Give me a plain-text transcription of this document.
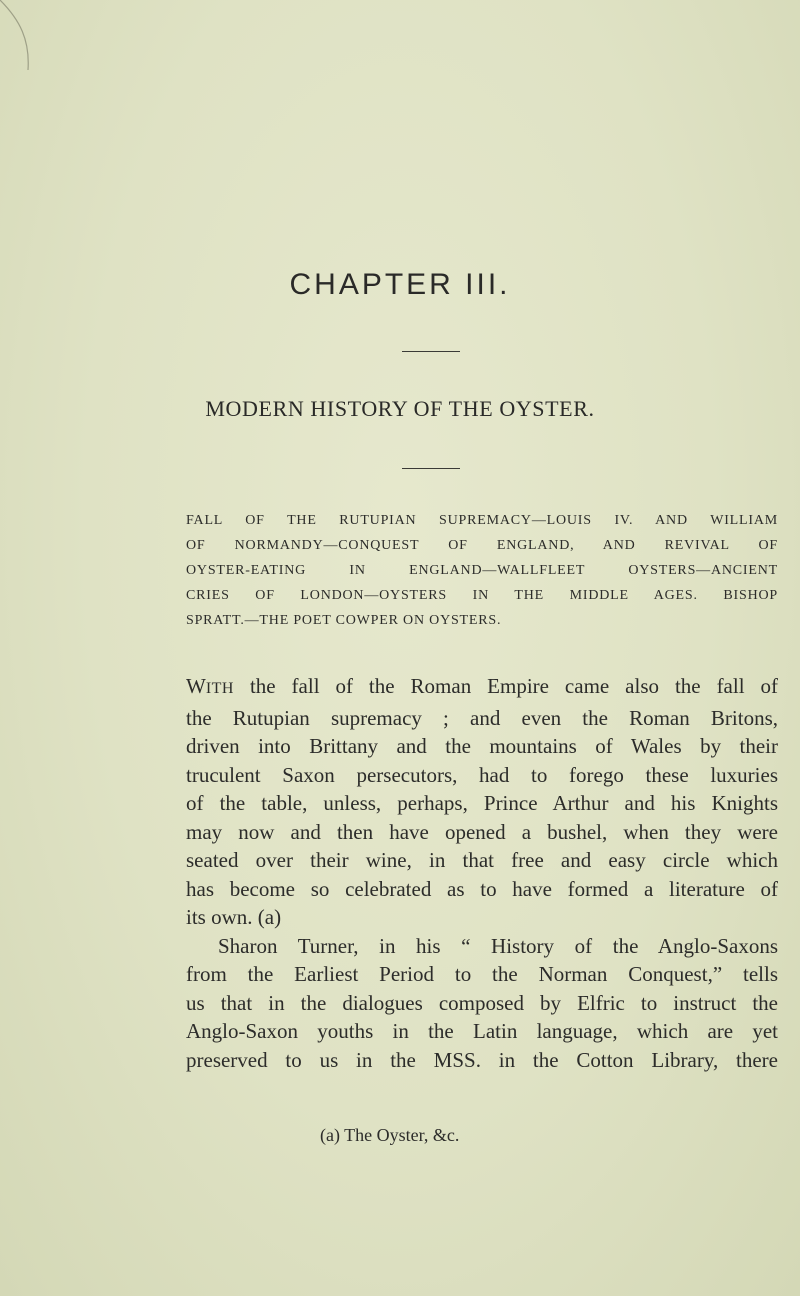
CHAPTER III.
MODERN HISTORY OF THE OYSTER.
FALL OF THE RUTUPIAN SUPREMACY—LOUIS IV. AND WILLIAM
OF NORMANDY—CONQUEST OF ENGLAND, AND REVIVAL OF
OYSTER-EATING IN ENGLAND—WALLFLEET OYSTERS—ANCIENT
CRIES OF LONDON—OYSTERS IN THE MIDDLE AGES. BISHOP
SPRATT.—THE POET COWPER ON OYSTERS.
WITH the fall of the Roman Empire came also the fall of
the Rutupian supremacy ; and even the Roman Britons,
driven into Brittany and the mountains of Wales by their
truculent Saxon persecutors, had to forego these luxuries
of the table, unless, perhaps, Prince Arthur and his Knights
may now and then have opened a bushel, when they were
seated over their wine, in that free and easy circle which
has become so celebrated as to have formed a literature of
its own. (a)
Sharon Turner, in his “ History of the Anglo-Saxons
from the Earliest Period to the Norman Conquest,” tells
us that in the dialogues composed by Elfric to instruct the
Anglo-Saxon youths in the Latin language, which are yet
preserved to us in the MSS. in the Cotton Library, there
(a) The Oyster, &c.
